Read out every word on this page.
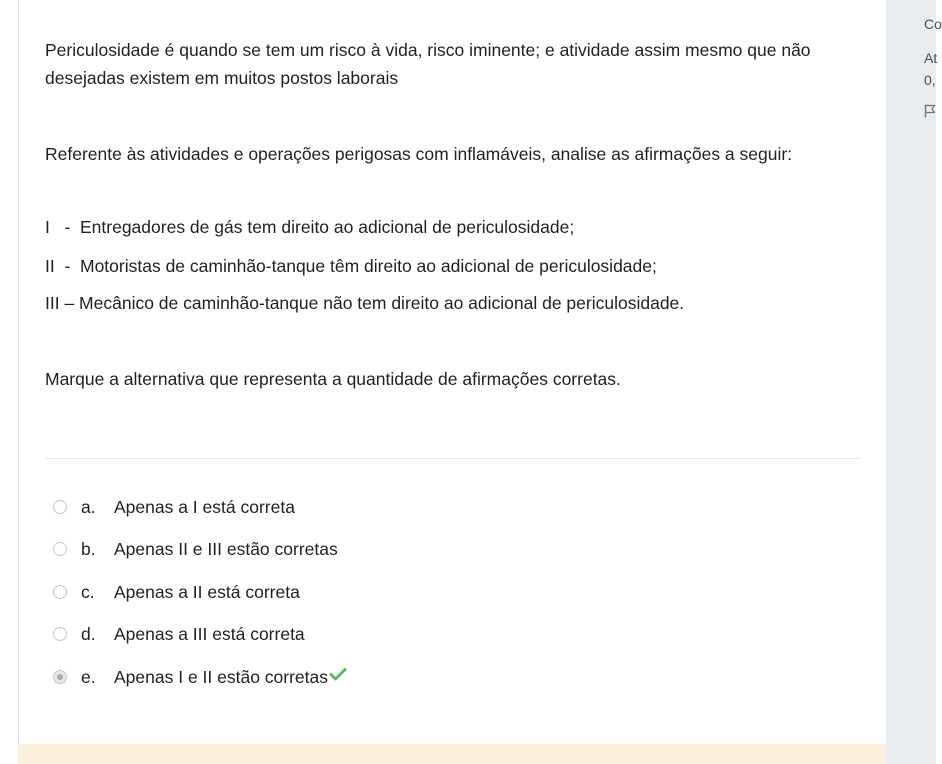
Periculosidade é quando se tem um risco à vida, risco iminente; e atividade assim mesmo que não
desejadas existem em muitos postos laborais
Referente às atividades e operações perigosas com inflamáveis, analise as afirmações a seguir:
I   -  Entregadores de gás tem direito ao adicional de periculosidade;
II  -  Motoristas de caminhão-tanque têm direito ao adicional de periculosidade;
III – Mecânico de caminhão-tanque não tem direito ao adicional de periculosidade.
Marque a alternativa que representa a quantidade de afirmações corretas.
a.	Apenas a I está correta
b.	Apenas II e III estão corretas
c.	Apenas a II está correta
d.	Apenas a III está correta
e.	Apenas I e II estão corretas
Co
At
0,
